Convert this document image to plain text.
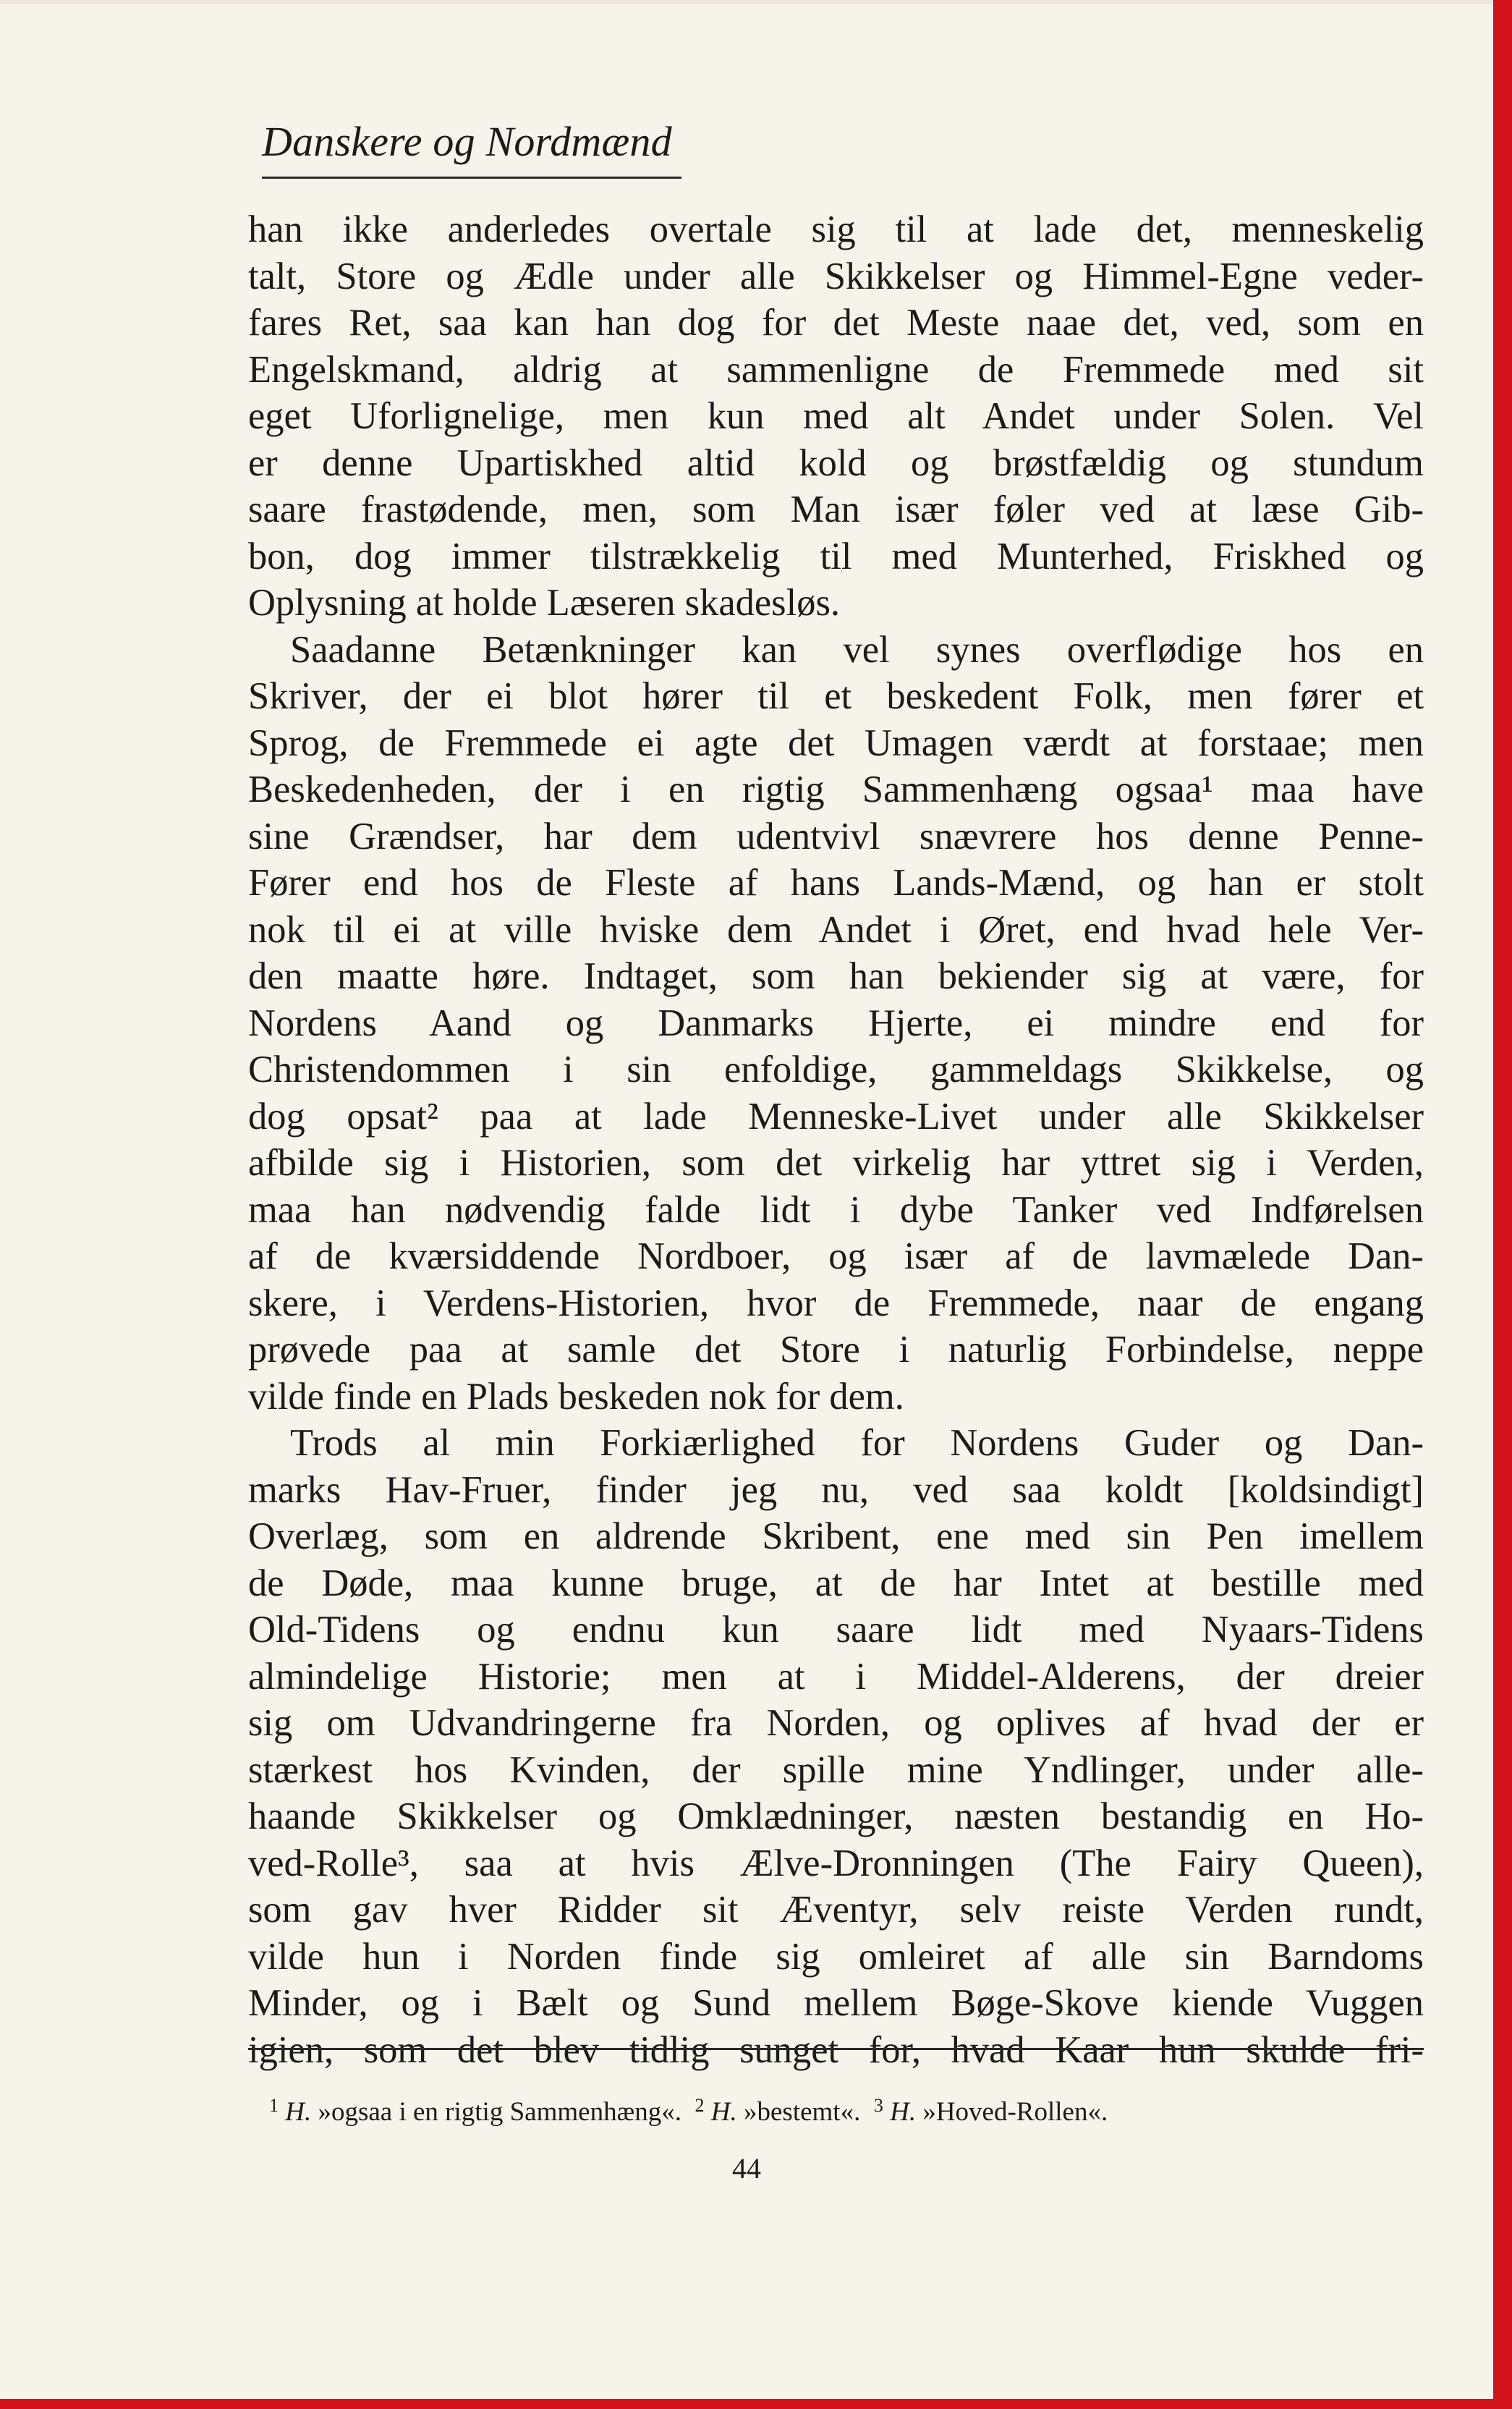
Danskere og Nordmænd
han ikke anderledes overtale sig til at lade det, menneskelig
talt, Store og Ædle under alle Skikkelser og Himmel-Egne veder-
fares Ret, saa kan han dog for det Meste naae det, ved, som en
Engelskmand, aldrig at sammenligne de Fremmede med sit
eget Uforlignelige, men kun med alt Andet under Solen. Vel
er denne Upartiskhed altid kold og brøstfældig og stundum
saare frastødende, men, som Man især føler ved at læse Gib-
bon, dog immer tilstrækkelig til med Munterhed, Friskhed og
Oplysning at holde Læseren skadesløs.
Saadanne Betænkninger kan vel synes overflødige hos en
Skriver, der ei blot hører til et beskedent Folk, men fører et
Sprog, de Fremmede ei agte det Umagen værdt at forstaae; men
Beskedenheden, der i en rigtig Sammenhæng ogsaa¹ maa have
sine Grændser, har dem udentvivl snævrere hos denne Penne-
Fører end hos de Fleste af hans Lands-Mænd, og han er stolt
nok til ei at ville hviske dem Andet i Øret, end hvad hele Ver-
den maatte høre. Indtaget, som han bekiender sig at være, for
Nordens Aand og Danmarks Hjerte, ei mindre end for
Christendommen i sin enfoldige, gammeldags Skikkelse, og
dog opsat² paa at lade Menneske-Livet under alle Skikkelser
afbilde sig i Historien, som det virkelig har yttret sig i Verden,
maa han nødvendig falde lidt i dybe Tanker ved Indførelsen
af de kværsiddende Nordboer, og især af de lavmælede Dan-
skere, i Verdens-Historien, hvor de Fremmede, naar de engang
prøvede paa at samle det Store i naturlig Forbindelse, neppe
vilde finde en Plads beskeden nok for dem.
Trods al min Forkiærlighed for Nordens Guder og Dan-
marks Hav-Fruer, finder jeg nu, ved saa koldt [koldsindigt]
Overlæg, som en aldrende Skribent, ene med sin Pen imellem
de Døde, maa kunne bruge, at de har Intet at bestille med
Old-Tidens og endnu kun saare lidt med Nyaars-Tidens
almindelige Historie; men at i Middel-Alderens, der dreier
sig om Udvandringerne fra Norden, og oplives af hvad der er
stærkest hos Kvinden, der spille mine Yndlinger, under alle-
haande Skikkelser og Omklædninger, næsten bestandig en Ho-
ved-Rolle³, saa at hvis Ælve-Dronningen (The Fairy Queen),
som gav hver Ridder sit Æventyr, selv reiste Verden rundt,
vilde hun i Norden finde sig omleiret af alle sin Barndoms
Minder, og i Bælt og Sund mellem Bøge-Skove kiende Vuggen
igien, som det blev tidlig sunget for, hvad Kaar hun skulde fri-
$^1$ H. »ogsaa i en rigtig Sammenhæng«. $^2$ H. »bestemt«. $^3$ H. »Hoved-Rollen«.
44
